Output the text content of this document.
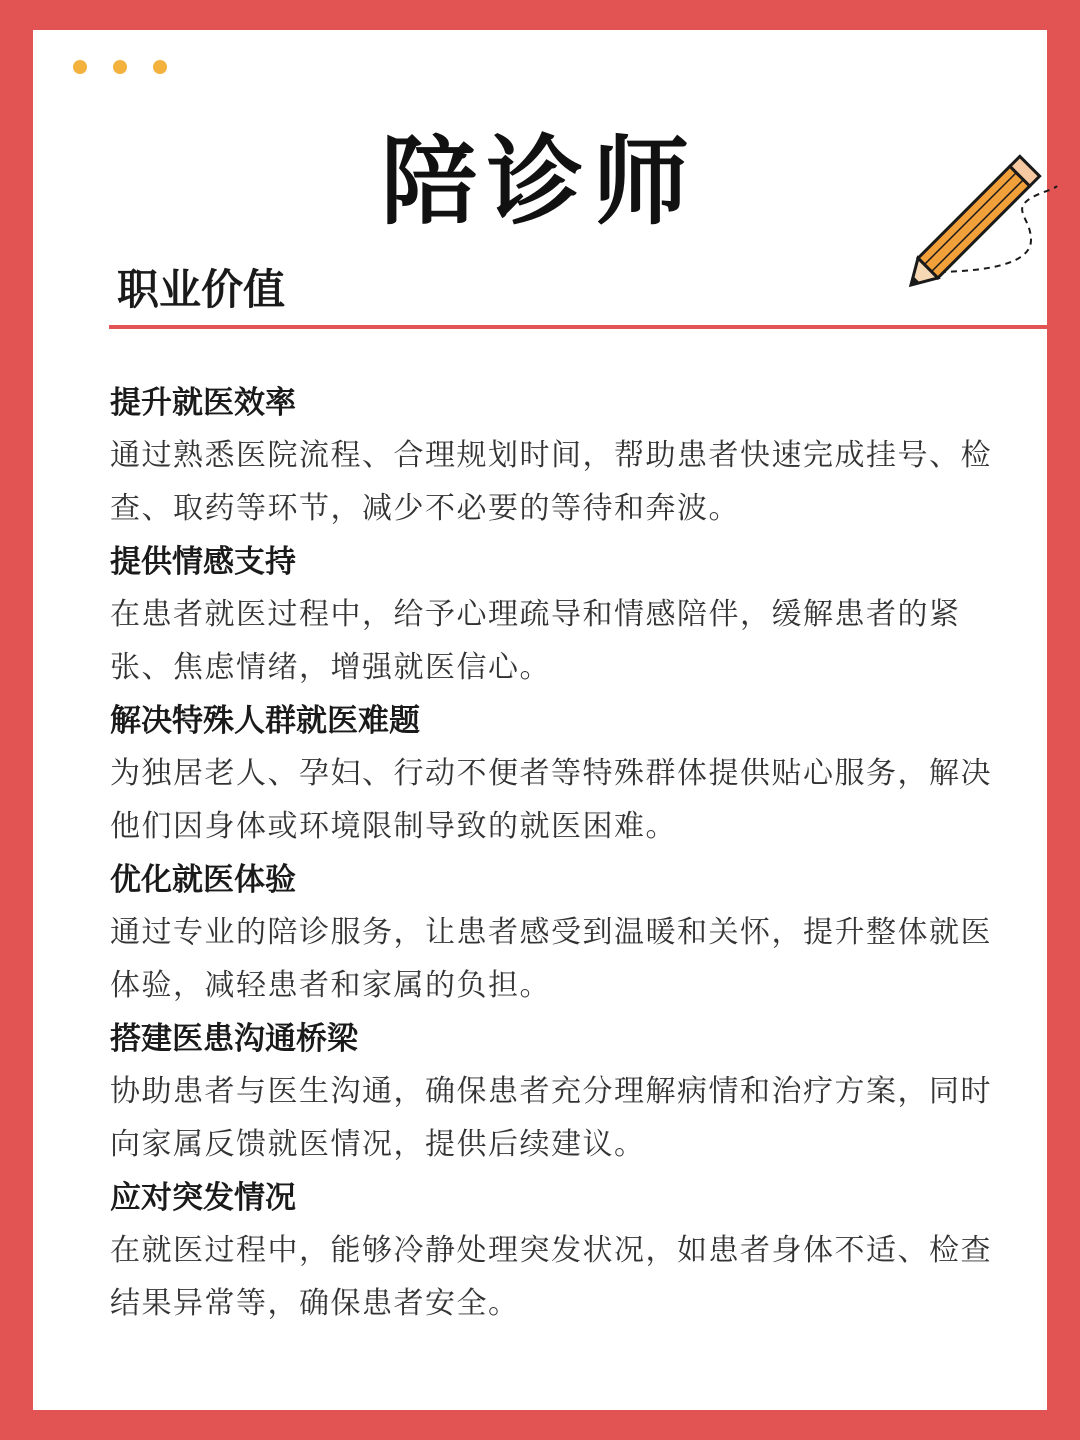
陪诊师
职业价值
提升就医效率
通过熟悉医院流程、合理规划时间，帮助患者快速完成挂号、检查、取药等环节，减少不必要的等待和奔波。
提供情感支持
在患者就医过程中，给予心理疏导和情感陪伴，缓解患者的紧张、焦虑情绪，增强就医信心。
解决特殊人群就医难题
为独居老人、孕妇、行动不便者等特殊群体提供贴心服务，解决他们因身体或环境限制导致的就医困难。
优化就医体验
通过专业的陪诊服务，让患者感受到温暖和关怀，提升整体就医体验，减轻患者和家属的负担。
搭建医患沟通桥梁
协助患者与医生沟通，确保患者充分理解病情和治疗方案，同时向家属反馈就医情况，提供后续建议。
应对突发情况
在就医过程中，能够冷静处理突发状况，如患者身体不适、检查结果异常等，确保患者安全。
